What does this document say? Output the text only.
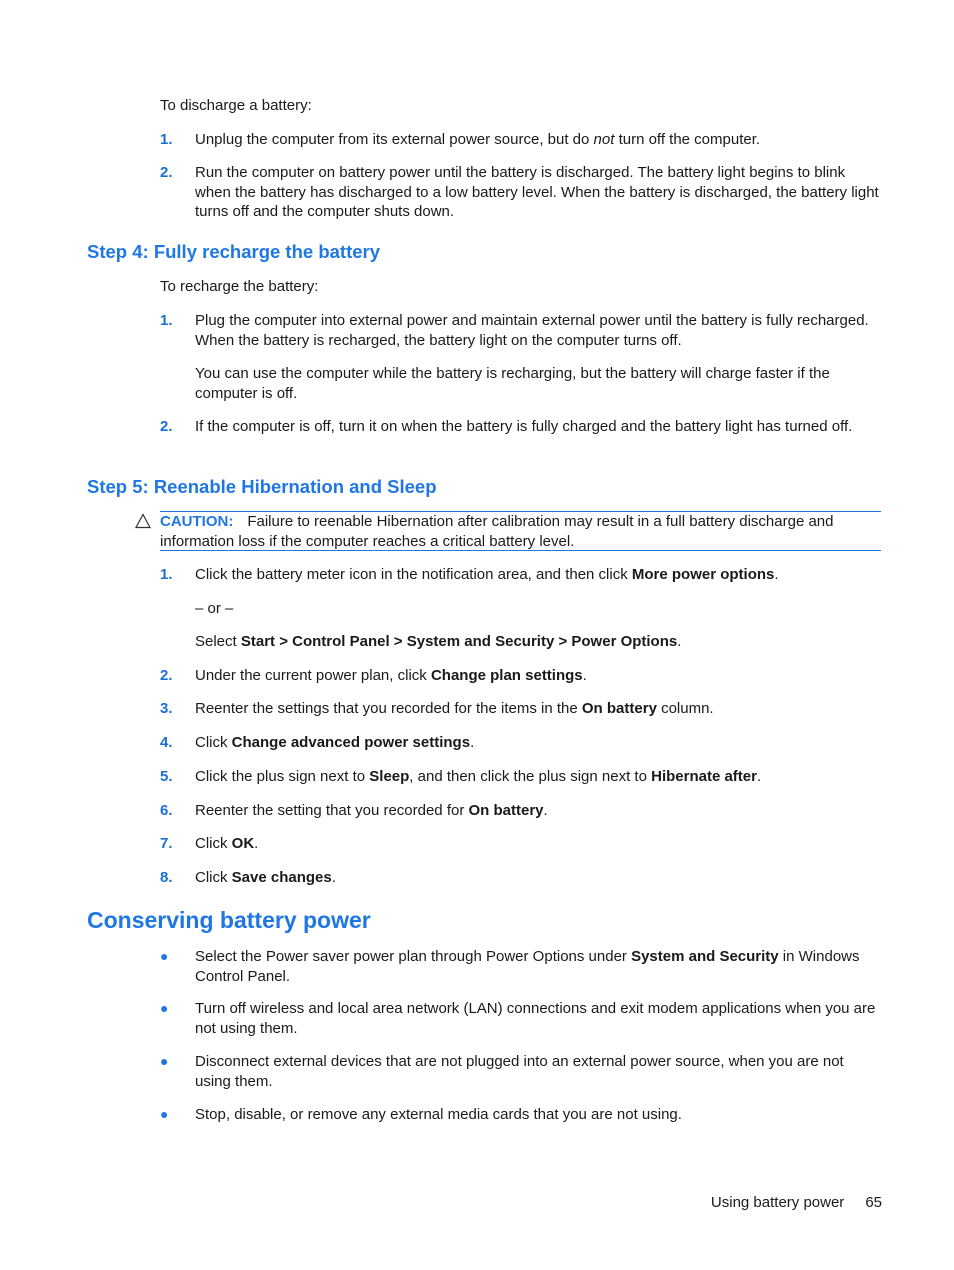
To discharge a battery:
1. Unplug the computer from its external power source, but do not turn off the computer.
2. Run the computer on battery power until the battery is discharged. The battery light begins to blink when the battery has discharged to a low battery level. When the battery is discharged, the battery light turns off and the computer shuts down.
Step 4: Fully recharge the battery
To recharge the battery:
1. Plug the computer into external power and maintain external power until the battery is fully recharged. When the battery is recharged, the battery light on the computer turns off.
You can use the computer while the battery is recharging, but the battery will charge faster if the computer is off.
2. If the computer is off, turn it on when the battery is fully charged and the battery light has turned off.
Step 5: Reenable Hibernation and Sleep
CAUTION: Failure to reenable Hibernation after calibration may result in a full battery discharge and information loss if the computer reaches a critical battery level.
1. Click the battery meter icon in the notification area, and then click More power options.
– or –
Select Start > Control Panel > System and Security > Power Options.
2. Under the current power plan, click Change plan settings.
3. Reenter the settings that you recorded for the items in the On battery column.
4. Click Change advanced power settings.
5. Click the plus sign next to Sleep, and then click the plus sign next to Hibernate after.
6. Reenter the setting that you recorded for On battery.
7. Click OK.
8. Click Save changes.
Conserving battery power
● Select the Power saver power plan through Power Options under System and Security in Windows Control Panel.
● Turn off wireless and local area network (LAN) connections and exit modem applications when you are not using them.
● Disconnect external devices that are not plugged into an external power source, when you are not using them.
● Stop, disable, or remove any external media cards that you are not using.
Using battery power 65
